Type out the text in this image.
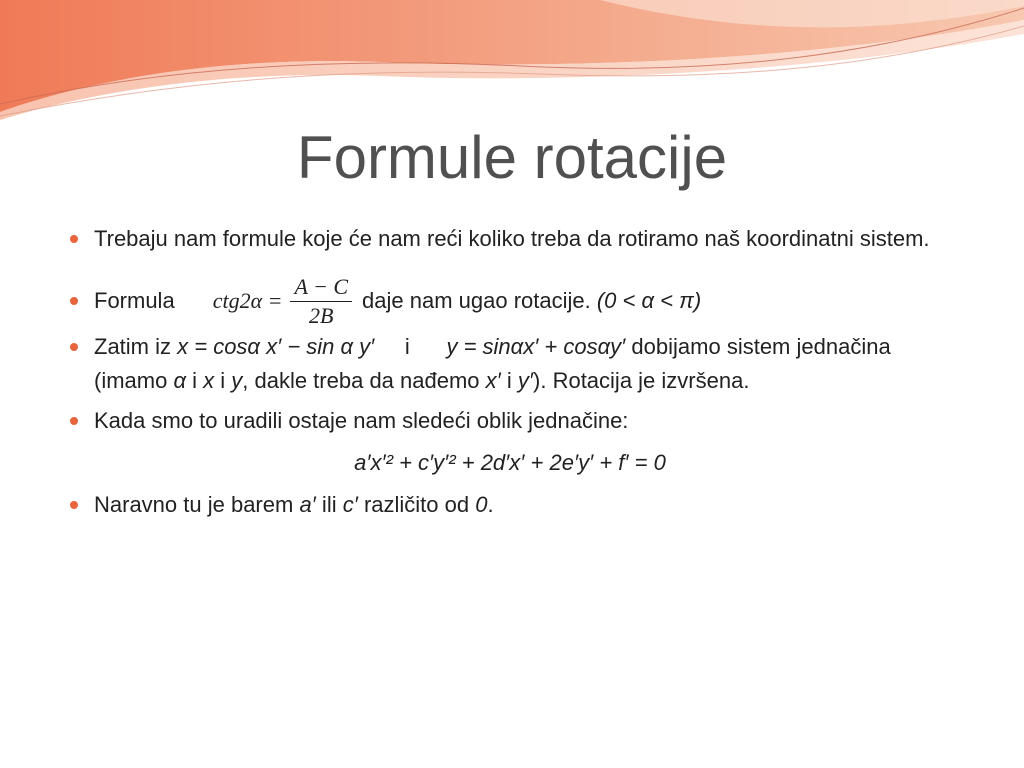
Formule rotacije
Trebaju nam formule koje će nam reći koliko treba da rotiramo naš koordinatni sistem.
Formula $ctg2\alpha = \frac{A - C}{2B}$ daje nam ugao rotacije.
(0 < α < π)
Zatim iz x = cosα x′ − sin α y′ i y = sinαx′ + cosαy′ dobijamo sistem jednačina (imamo α i x i y, dakle treba da nađemo x′ i y′). Rotacija je izvršena.
Kada smo to uradili ostaje nam sledeći oblik jednačine:
a′x′² + c′y′² + 2d′x′ + 2e′y′ + f′ = 0
Naravno tu je barem a′ ili c′ različito od 0.
